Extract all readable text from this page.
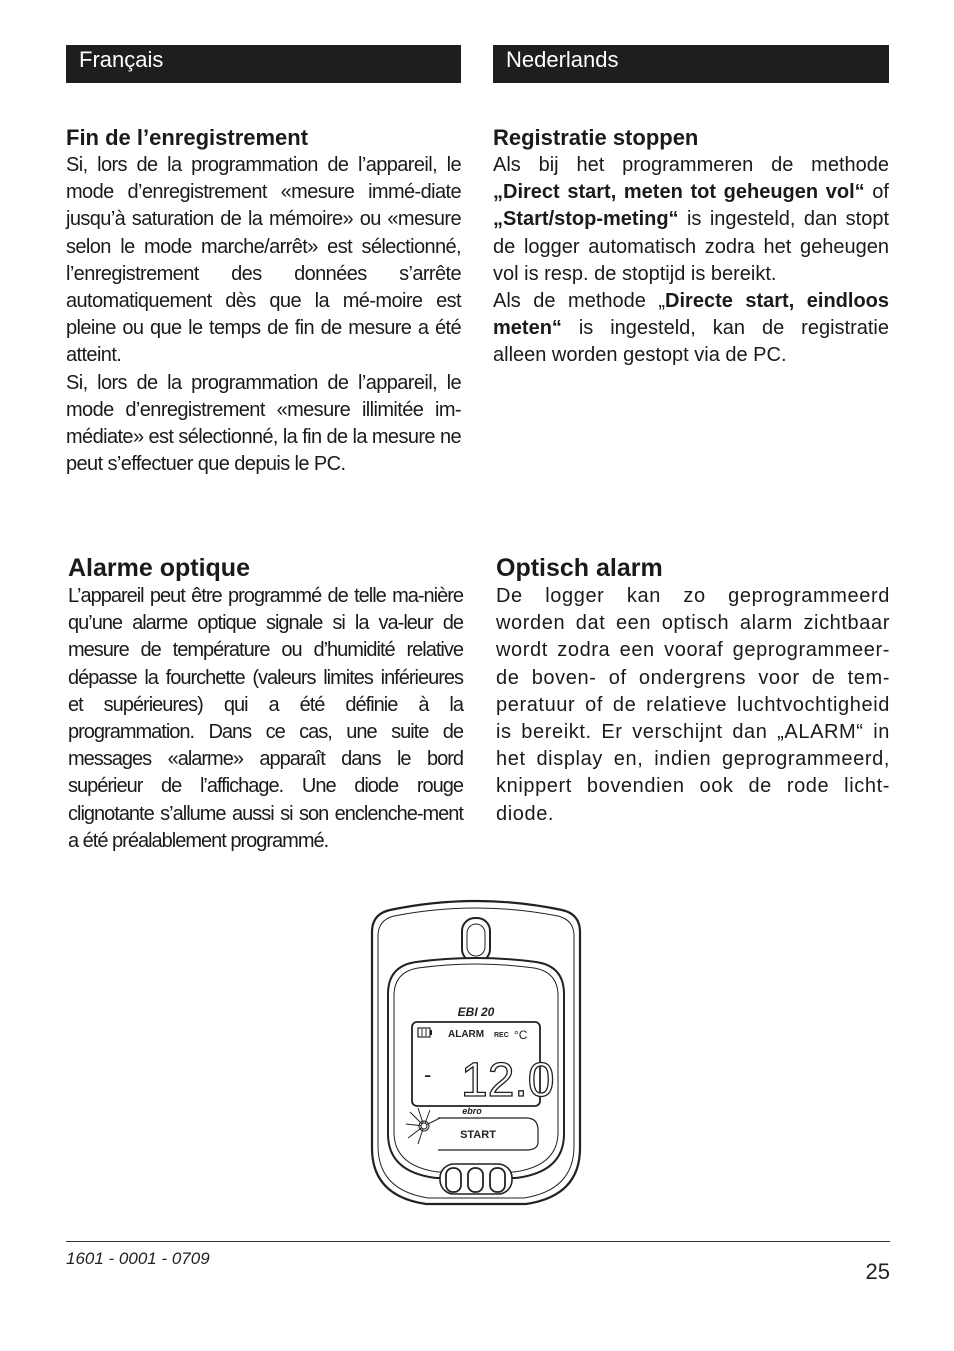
Français	Nederlands
Fin de l’enregistrement

Si, lors de la programmation de l’appareil, le mode d’enregistrement «mesure immé-diate jusqu’à saturation de la mémoire» ou «mesure selon le mode marche/arrêt» est sélectionné, l’enregistrement des données s’arrête automatiquement dès que la mé-moire est pleine ou que le temps de fin de mesure a été atteint.

Si, lors de la programmation de l’appareil, le mode d’enregistrement «mesure illimitée im-médiate» est sélectionné, la fin de la mesure ne peut s’effectuer que depuis le PC.

Registratie stoppen

Als bij het programmeren de methode „Direct start, meten tot geheugen vol“ of „Start/stop-meting“ is ingesteld, dan stopt de logger automatisch zodra het geheugen vol is resp. de stoptijd is bereikt.

Als de methode „Directe start, eindloos meten“ is ingesteld, kan de registratie alleen worden gestopt via de PC.

Alarme optique

L’appareil peut être programmé de telle ma-nière qu’une alarme optique signale si la va-leur de mesure de température ou d’humidité relative dépasse la fourchette (valeurs limites inférieures et supérieures) qui a été définie à la programmation. Dans ce cas, une suite de messages «alarme» apparaît dans le bord supérieur de l’affichage. Une diode rouge clignotante s’allume aussi si son enclenche-ment a été préalablement programmé.

Optisch alarm

De logger kan zo geprogrammeerd worden dat een optisch alarm zichtbaar wordt zodra een vooraf geprogrammeer-de boven- of ondergrens voor de tem-peratuur of de relatieve luchtvochtigheid is bereikt. Er verschijnt dan „ALARM“ in het display en, indien geprogrammeerd, knippert bovendien ook de rode licht-diode.

EBI 20
ALARM REC °C
- 12.0
ebro
START
1601 - 0001 - 0709
25
